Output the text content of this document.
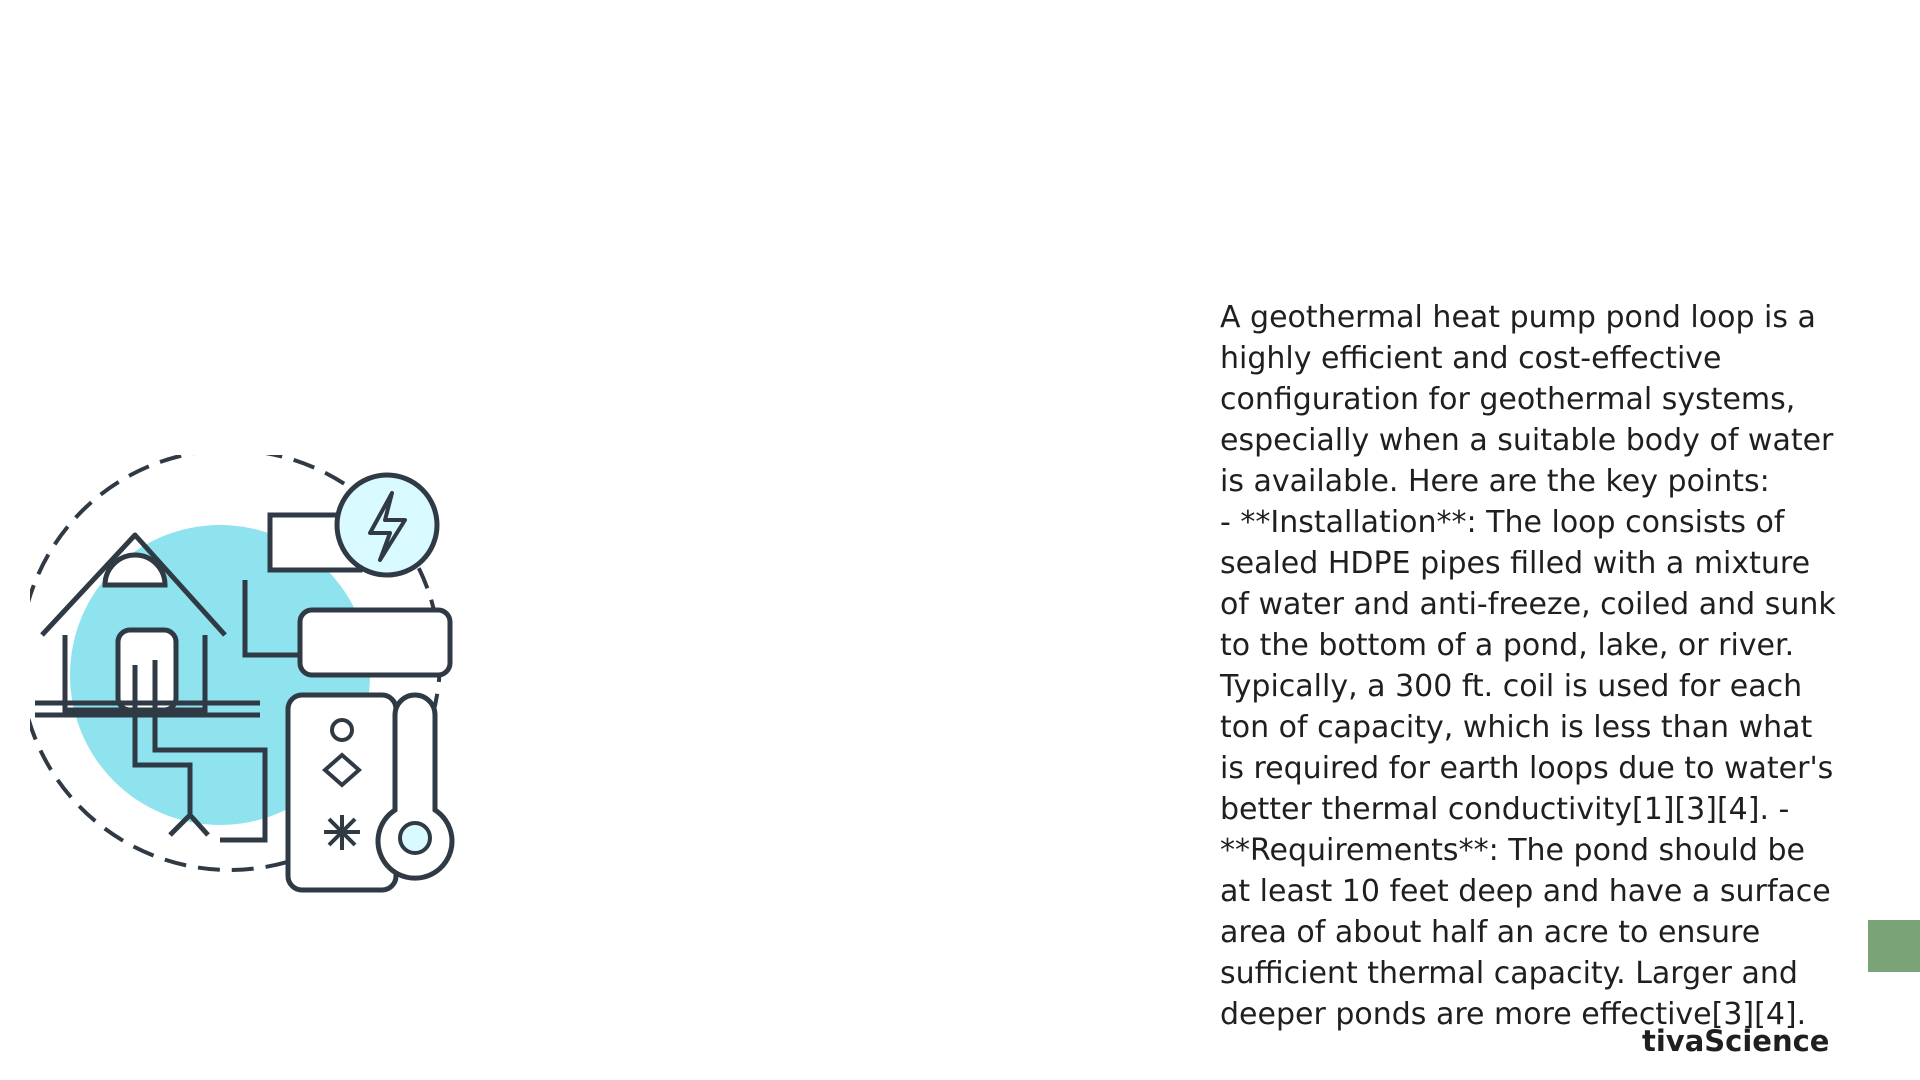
A geothermal heat pump pond loop is a highly efficient and cost-effective configuration for geothermal systems, especially when a suitable body of water is available. Here are the key points:
- **Installation**: The loop consists of sealed HDPE pipes filled with a mixture of water and anti-freeze, coiled and sunk to the bottom of a pond, lake, or river. Typically, a 300 ft. coil is used for each ton of capacity, which is less than what is required for earth loops due to water's better thermal conductivity[1][3][4]. -
**Requirements**: The pond should be at least 10 feet deep and have a surface area of about half an acre to ensure sufficient thermal capacity. Larger and deeper ponds are more effective[3][4].
tivaScience
